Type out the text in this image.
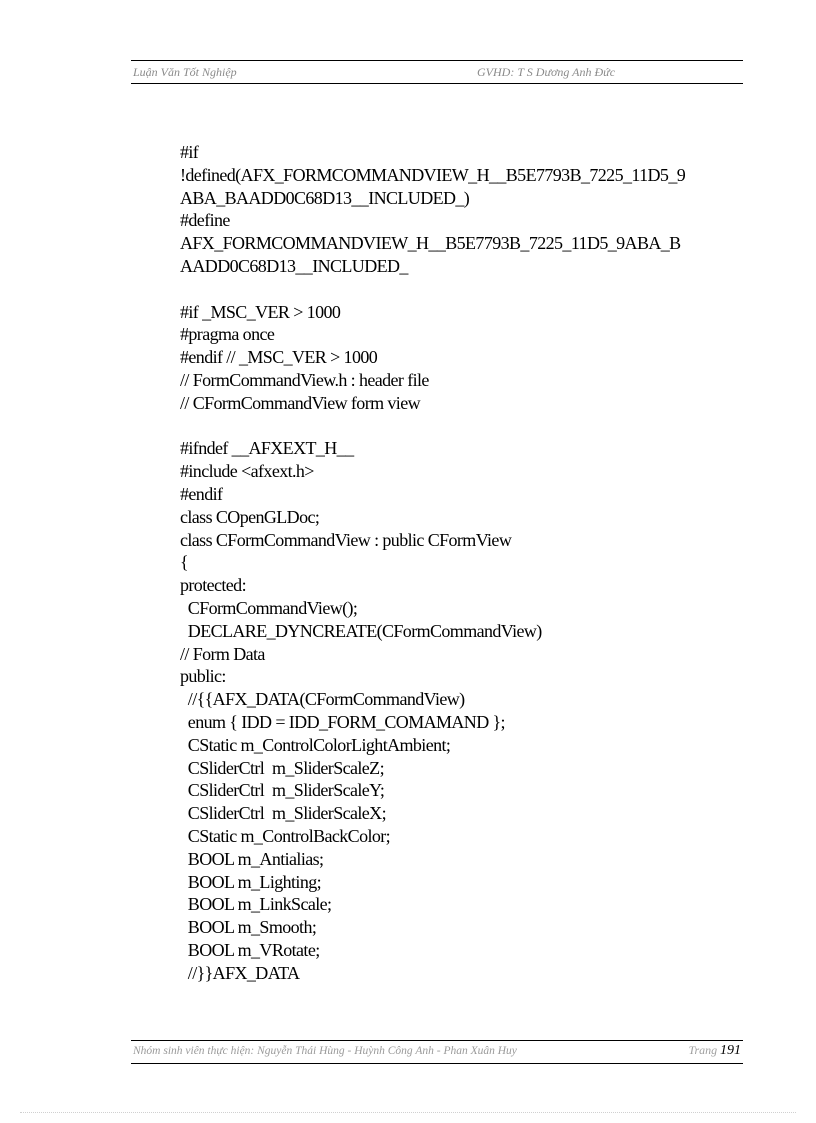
Luận Văn Tốt Nghiệp	GVHD: T S Dương Anh Đức
#if
!defined(AFX_FORMCOMMANDVIEW_H__B5E7793B_7225_11D5_9
ABA_BAADD0C68D13__INCLUDED_)
#define
AFX_FORMCOMMANDVIEW_H__B5E7793B_7225_11D5_9ABA_B
AADD0C68D13__INCLUDED_
#if _MSC_VER > 1000
#pragma once
#endif // _MSC_VER > 1000
// FormCommandView.h : header file
// CFormCommandView form view
#ifndef __AFXEXT_H__
#include <afxext.h>
#endif
class COpenGLDoc;
class CFormCommandView : public CFormView
{
protected:
CFormCommandView();
DECLARE_DYNCREATE(CFormCommandView)
// Form Data
public:
//{{AFX_DATA(CFormCommandView)
enum { IDD = IDD_FORM_COMAMAND };
CStatic m_ControlColorLightAmbient;
CSliderCtrl  m_SliderScaleZ;
CSliderCtrl  m_SliderScaleY;
CSliderCtrl  m_SliderScaleX;
CStatic m_ControlBackColor;
BOOL m_Antialias;
BOOL m_Lighting;
BOOL m_LinkScale;
BOOL m_Smooth;
BOOL m_VRotate;
//}}AFX_DATA
Nhóm sinh viên thực hiện: Nguyễn Thái Hùng - Huỳnh Công Anh - Phan Xuân Huy	Trang 191
